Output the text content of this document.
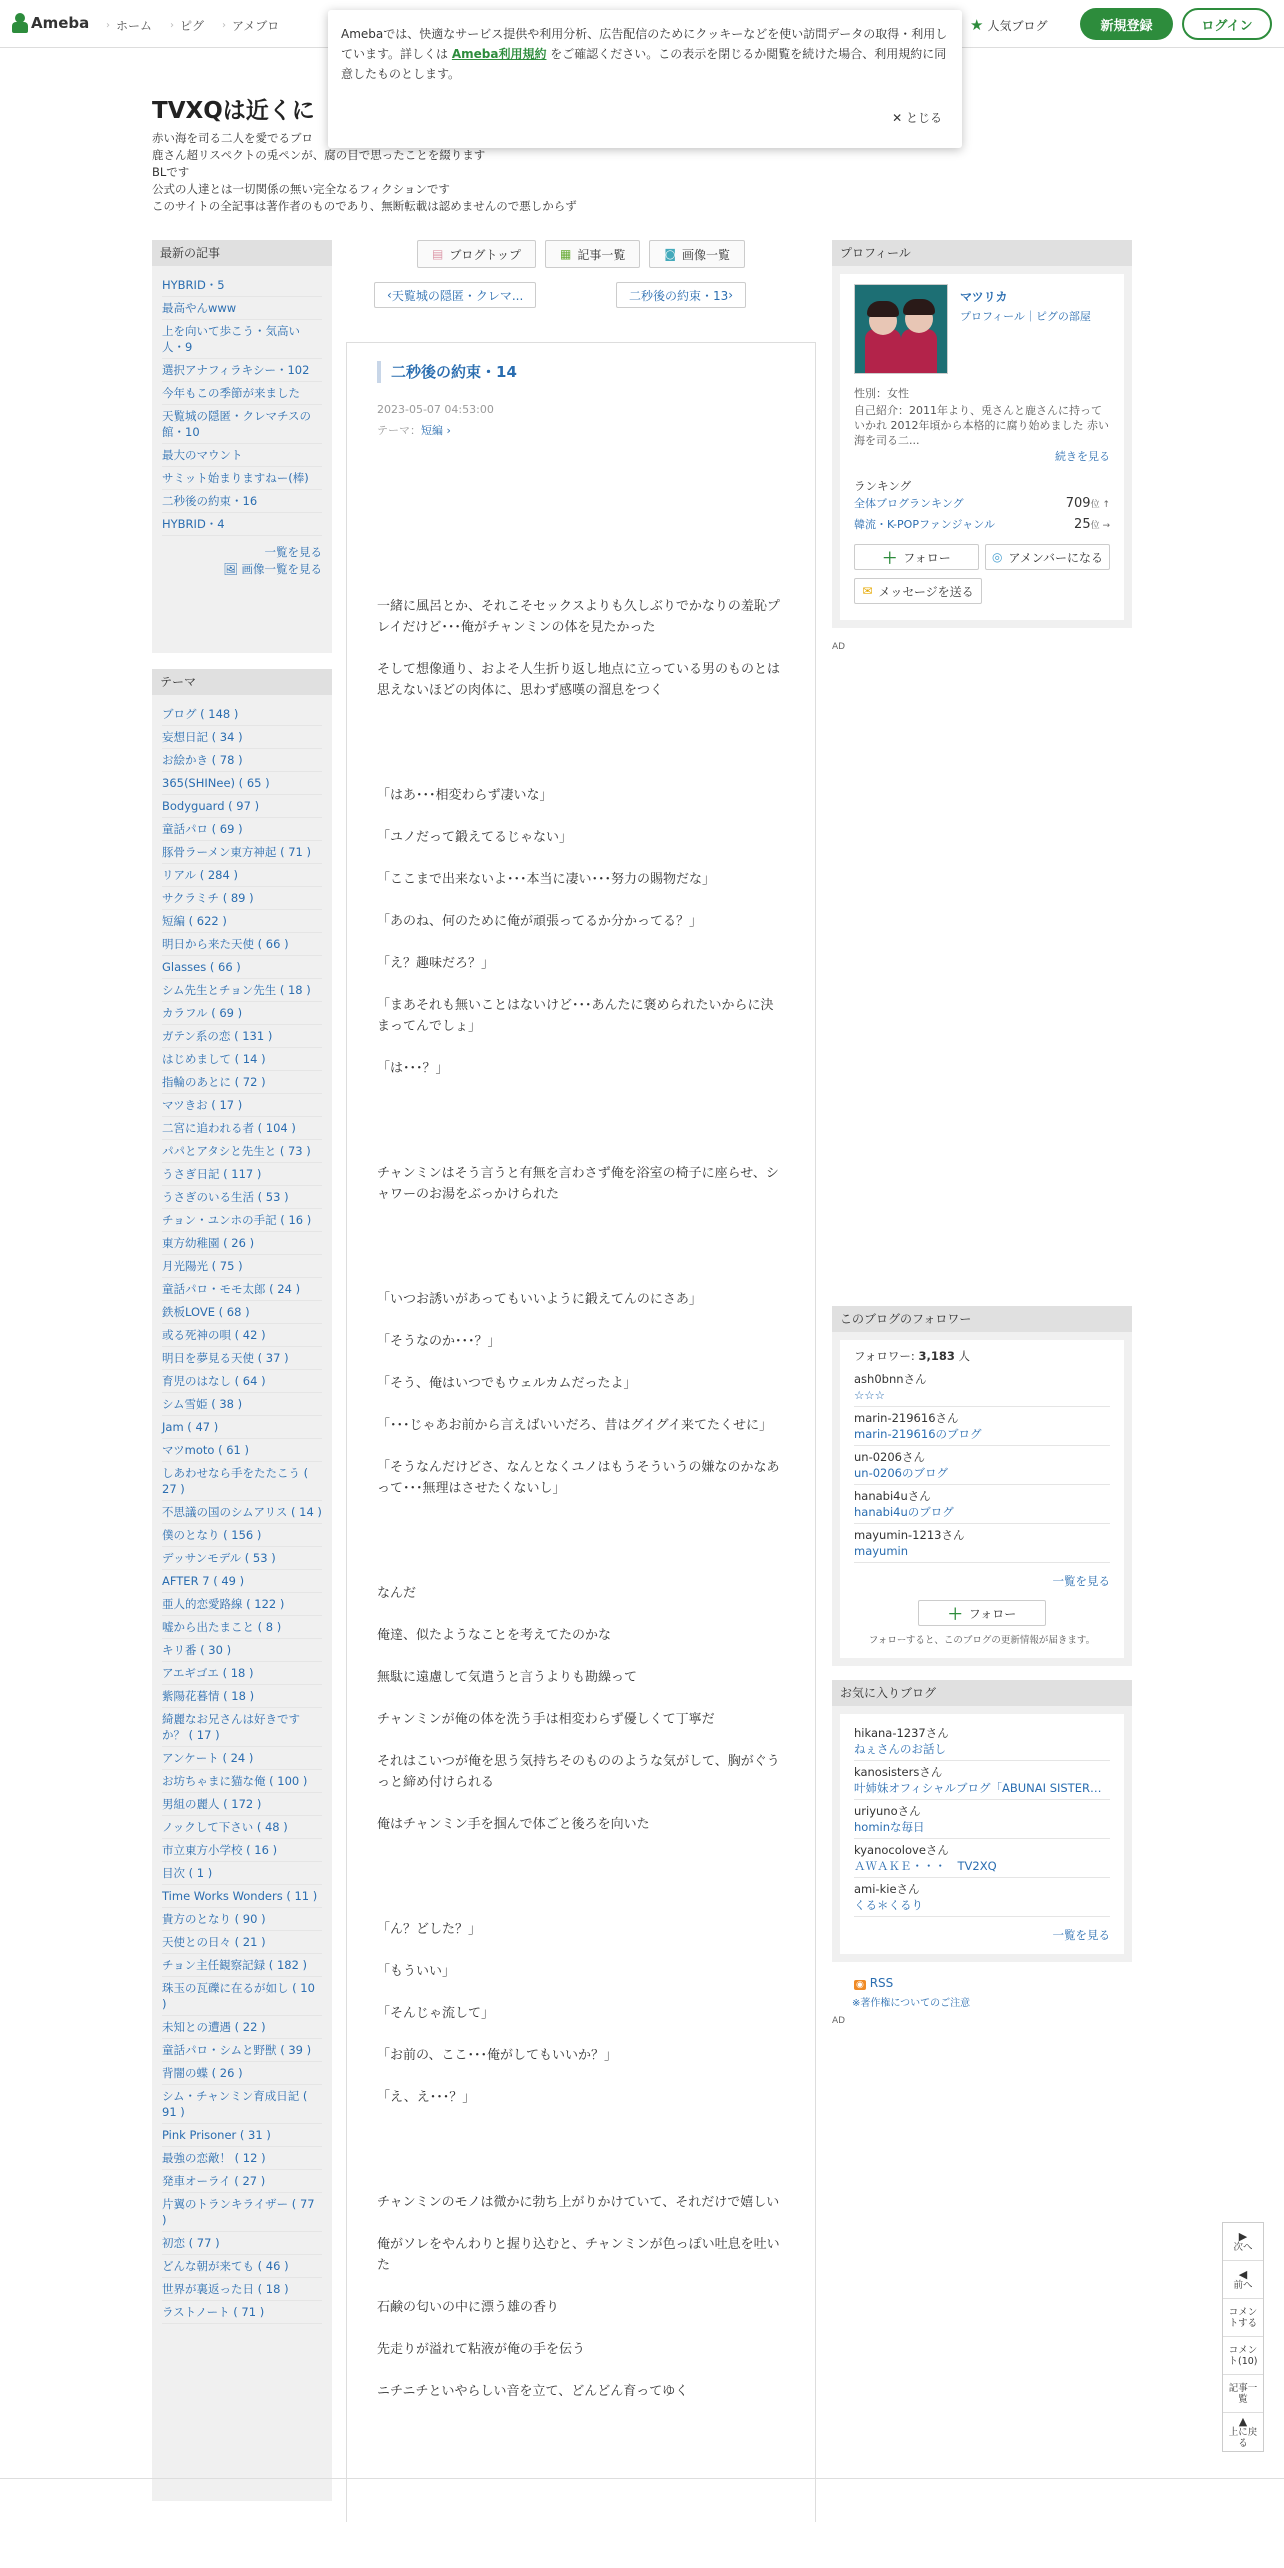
Ameba › ホーム › ピグ › アメブロ	★ 人気ブログ	新規登録	ログイン
Amebaでは、快適なサービス提供や利用分析、広告配信のためにクッキーなどを使い訪問データの取得・利用しています。詳しくは Ameba利用規約 をご確認ください。この表示を閉じるか閲覧を続けた場合、利用規約に同意したものとします。
✕ とじる
TVXQは近くに
赤い海を司る二人を愛でるブロ
鹿さん超リスペクトの兎ペンが、腐の目で思ったことを綴ります
BLです
公式の人達とは一切関係の無い完全なるフィクションです
このサイトの全記事は著作者のものであり、無断転載は認めませんので悪しからず
最新の記事
HYBRID・5
最高やんwww
上を向いて歩こう・気高い人・9
選択アナフィラキシー・102
今年もこの季節が来ました
天覧城の隠匿・クレマチスの館・10
最大のマウント
サミット始まりますねー(棒)
二秒後の約束・16
HYBRID・4
一覧を見る
🖼 画像一覧を見る
テーマ
ブログ ( 148 )
妄想日記 ( 34 )
お絵かき ( 78 )
365(SHINee) ( 65 )
Bodyguard ( 97 )
童話パロ ( 69 )
豚骨ラーメン東方神起 ( 71 )
リアル ( 284 )
サクラミチ ( 89 )
短編 ( 622 )
明日から来た天使 ( 66 )
Glasses ( 66 )
シム先生とチョン先生 ( 18 )
カラフル ( 69 )
ガテン系の恋 ( 131 )
はじめまして ( 14 )
指輪のあとに ( 72 )
マツきお ( 17 )
二宮に追われる者 ( 104 )
パパとアタシと先生と ( 73 )
うさぎ日記 ( 117 )
うさぎのいる生活 ( 53 )
チョン・ユンホの手記 ( 16 )
東方幼稚園 ( 26 )
月光陽光 ( 75 )
童話パロ・モモ太郎 ( 24 )
鉄板LOVE ( 68 )
或る死神の唄 ( 42 )
明日を夢見る天使 ( 37 )
育児のはなし ( 64 )
シム雪姫 ( 38 )
Jam ( 47 )
マツmoto ( 61 )
しあわせなら手をたたこう ( 27 )
不思議の国のシムアリス ( 14 )
僕のとなり ( 156 )
デッサンモデル ( 53 )
AFTER 7 ( 49 )
亜人的恋愛路線 ( 122 )
嘘から出たまこと ( 8 )
キリ番 ( 30 )
アエギゴエ ( 18 )
紫陽花暮情 ( 18 )
綺麗なお兄さんは好きですか？ ( 17 )
アンケート ( 24 )
お坊ちゃまに猫な俺 ( 100 )
男組の麗人 ( 172 )
ノックして下さい ( 48 )
市立東方小学校 ( 16 )
目次 ( 1 )
Time Works Wonders ( 11 )
貴方のとなり ( 90 )
天使との日々 ( 21 )
チョン主任観察記録 ( 182 )
珠玉の瓦礫に在るが如し ( 10 )
未知との遭遇 ( 22 )
童話パロ・シムと野獣 ( 39 )
背闇の蝶 ( 26 )
シム・チャンミン育成日記 ( 91 )
Pink Prisoner ( 31 )
最強の恋敵！ ( 12 )
発車オーライ ( 27 )
片翼のトランキライザー ( 77 )
初恋 ( 77 )
どんな朝が来ても ( 46 )
世界が裏返った日 ( 18 )
ラストノート ( 71 )
▤ ブログトップ	▦ 記事一覧	◙ 画像一覧
‹ 天覧城の隠匿・クレマ...	二秒後の約束・13 ›
二秒後の約束・14
2023-05-07 04:53:00
テーマ：短編 ›

一緒に風呂とか、それこそセックスよりも久しぶりでかなりの羞恥プレイだけど･･･俺がチャンミンの体を見たかった

そして想像通り、およそ人生折り返し地点に立っている男のものとは思えないほどの肉体に、思わず感嘆の溜息をつく

「はあ･･･相変わらず凄いな」

「ユノだって鍛えてるじゃない」

「ここまで出来ないよ･･･本当に凄い･･･努力の賜物だな」

「あのね、何のために俺が頑張ってるか分かってる？」

「え？趣味だろ？」

「まあそれも無いことはないけど･･･あんたに褒められたいからに決まってんでしょ」

「は･･･？」

チャンミンはそう言うと有無を言わさず俺を浴室の椅子に座らせ、シャワーのお湯をぶっかけられた

「いつお誘いがあってもいいように鍛えてんのにさあ」

「そうなのか･･･？」

「そう、俺はいつでもウェルカムだったよ」

「･･･じゃあお前から言えばいいだろ、昔はグイグイ来てたくせに」

「そうなんだけどさ、なんとなくユノはもうそういうの嫌なのかなあって･･･無理はさせたくないし」

なんだ

俺達、似たようなことを考えてたのかな

無駄に遠慮して気遣うと言うよりも勘繰って

チャンミンが俺の体を洗う手は相変わらず優しくて丁寧だ

それはこいつが俺を思う気持ちそのもののような気がして、胸がぐうっと締め付けられる

俺はチャンミン手を掴んで体ごと後ろを向いた

「ん？どした？」

「もういい」

「そんじゃ流して」

「お前の、ここ･･･俺がしてもいいか？」

「え、え･･･？」

チャンミンのモノは微かに勃ち上がりかけていて、それだけで嬉しい

俺がソレをやんわりと握り込むと、チャンミンが色っぽい吐息を吐いた

石鹸の匂いの中に漂う雄の香り

先走りが溢れて粘液が俺の手を伝う

ニチニチといやらしい音を立て、どんどん育ってゆく

プロフィール
マツリカ
プロフィール｜ピグの部屋
性別：女性
自己紹介：2011年より、兎さんと鹿さんに持っていかれ 2012年頃から本格的に腐り始めました 赤い海を司る二...
続きを見る
ランキング
全体ブログランキング	709位 ↑
韓流・K-POPファンジャンル	25位 →
＋ フォロー	◎ アメンバーになる
✉ メッセージを送る
AD
このブログのフォロワー
フォロワー: 3,183 人
ash0bnnさん
☆☆☆
marin-219616さん
marin-219616のブログ
un-0206さん
un-0206のブログ
hanabi4uさん
hanabi4uのブログ
mayumin-1213さん
mayumin
一覧を見る
＋ フォロー
フォローすると、このブログの更新情報が届きます。
お気に入りブログ
hikana-1237さん
ねぇさんのお話し
kanosistersさん
叶姉妹オフィシャルブログ「ABUNAI SISTER…
uriyunoさん
hominな毎日
kyanocoloveさん
ＡＷＡＫＥ・・・　TV2XQ
ami-kieさん
くる＊くるり
一覧を見る
◉ RSS
※著作権についてのご注意
AD
▶
次へ
◀
前へ
コメントする
コメント(10)
記事一覧
▲
上に戻る
